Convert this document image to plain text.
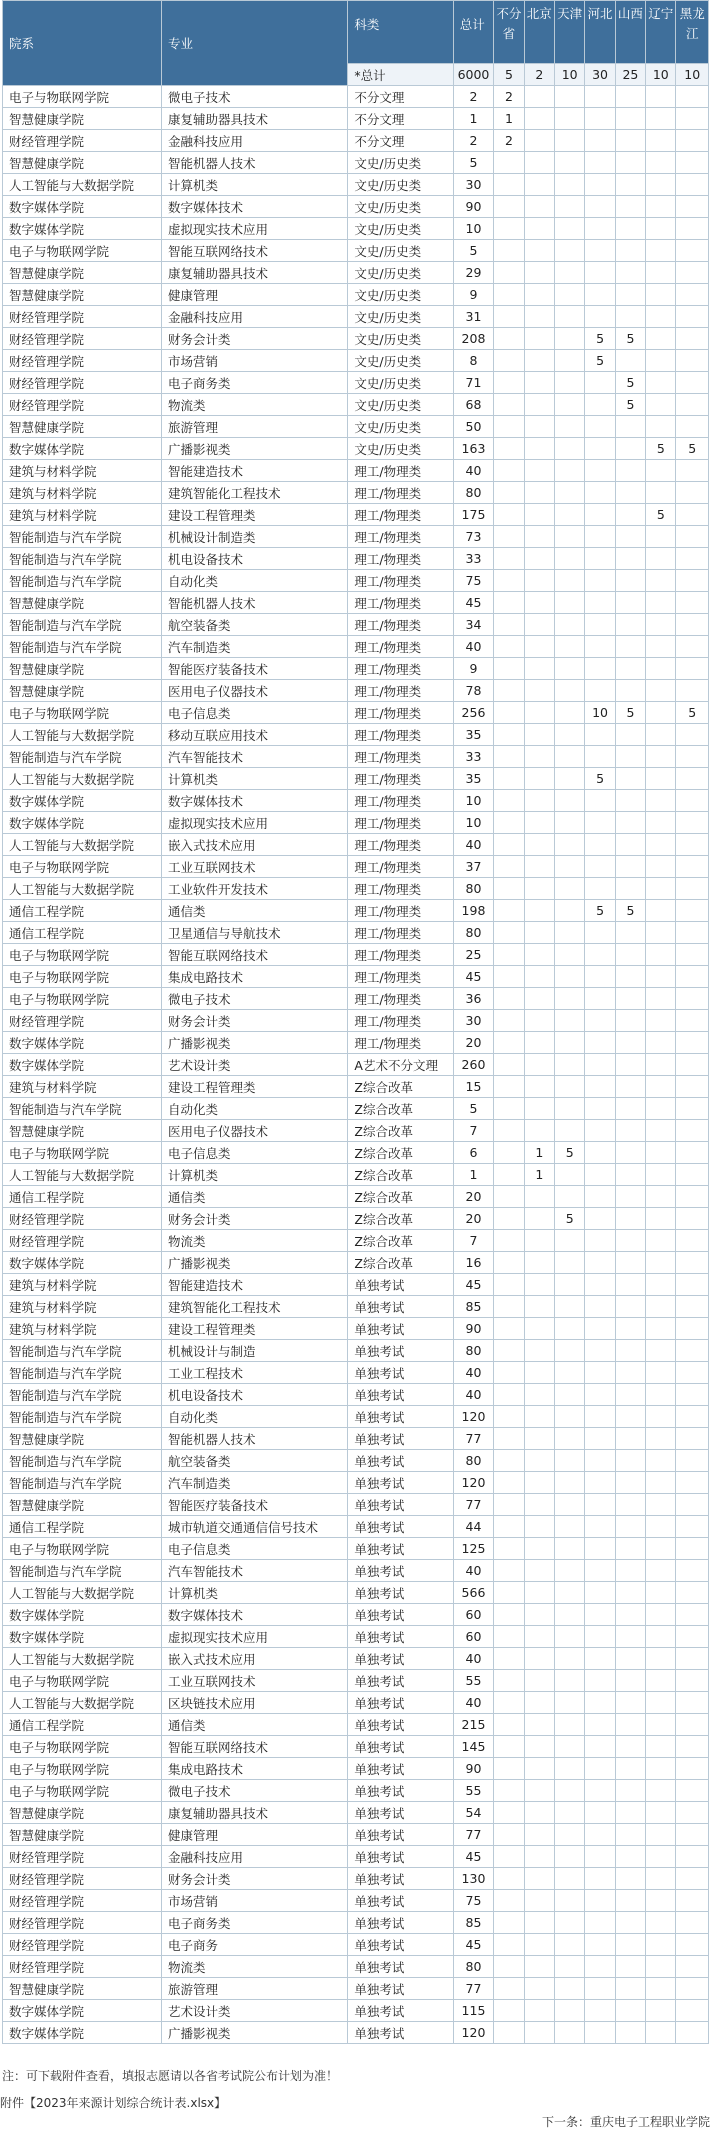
院系	专业	科类	总计	不分省	北京	天津	河北	山西	辽宁	黑龙江
		*总计	6000	5	2	10	30	25	10	10
电子与物联网学院	微电子技术	不分文理	2	2						
智慧健康学院	康复辅助器具技术	不分文理	1	1						
财经管理学院	金融科技应用	不分文理	2	2						
智慧健康学院	智能机器人技术	文史/历史类	5							
人工智能与大数据学院	计算机类	文史/历史类	30							
数字媒体学院	数字媒体技术	文史/历史类	90							
数字媒体学院	虚拟现实技术应用	文史/历史类	10							
电子与物联网学院	智能互联网络技术	文史/历史类	5							
智慧健康学院	康复辅助器具技术	文史/历史类	29							
智慧健康学院	健康管理	文史/历史类	9							
财经管理学院	金融科技应用	文史/历史类	31							
财经管理学院	财务会计类	文史/历史类	208				5	5		
财经管理学院	市场营销	文史/历史类	8				5			
财经管理学院	电子商务类	文史/历史类	71					5		
财经管理学院	物流类	文史/历史类	68					5		
智慧健康学院	旅游管理	文史/历史类	50							
数字媒体学院	广播影视类	文史/历史类	163						5	5
建筑与材料学院	智能建造技术	理工/物理类	40							
建筑与材料学院	建筑智能化工程技术	理工/物理类	80							
建筑与材料学院	建设工程管理类	理工/物理类	175						5	
智能制造与汽车学院	机械设计制造类	理工/物理类	73							
智能制造与汽车学院	机电设备技术	理工/物理类	33							
智能制造与汽车学院	自动化类	理工/物理类	75							
智慧健康学院	智能机器人技术	理工/物理类	45							
智能制造与汽车学院	航空装备类	理工/物理类	34							
智能制造与汽车学院	汽车制造类	理工/物理类	40							
智慧健康学院	智能医疗装备技术	理工/物理类	9							
智慧健康学院	医用电子仪器技术	理工/物理类	78							
电子与物联网学院	电子信息类	理工/物理类	256				10	5		5
人工智能与大数据学院	移动互联应用技术	理工/物理类	35							
智能制造与汽车学院	汽车智能技术	理工/物理类	33							
人工智能与大数据学院	计算机类	理工/物理类	35				5			
数字媒体学院	数字媒体技术	理工/物理类	10							
数字媒体学院	虚拟现实技术应用	理工/物理类	10							
人工智能与大数据学院	嵌入式技术应用	理工/物理类	40							
电子与物联网学院	工业互联网技术	理工/物理类	37							
人工智能与大数据学院	工业软件开发技术	理工/物理类	80							
通信工程学院	通信类	理工/物理类	198				5	5		
通信工程学院	卫星通信与导航技术	理工/物理类	80							
电子与物联网学院	智能互联网络技术	理工/物理类	25							
电子与物联网学院	集成电路技术	理工/物理类	45							
电子与物联网学院	微电子技术	理工/物理类	36							
财经管理学院	财务会计类	理工/物理类	30							
数字媒体学院	广播影视类	理工/物理类	20							
数字媒体学院	艺术设计类	A艺术不分文理	260							
建筑与材料学院	建设工程管理类	Z综合改革	15							
智能制造与汽车学院	自动化类	Z综合改革	5							
智慧健康学院	医用电子仪器技术	Z综合改革	7							
电子与物联网学院	电子信息类	Z综合改革	6		1	5				
人工智能与大数据学院	计算机类	Z综合改革	1		1					
通信工程学院	通信类	Z综合改革	20							
财经管理学院	财务会计类	Z综合改革	20			5				
财经管理学院	物流类	Z综合改革	7							
数字媒体学院	广播影视类	Z综合改革	16							
建筑与材料学院	智能建造技术	单独考试	45							
建筑与材料学院	建筑智能化工程技术	单独考试	85							
建筑与材料学院	建设工程管理类	单独考试	90							
智能制造与汽车学院	机械设计与制造	单独考试	80							
智能制造与汽车学院	工业工程技术	单独考试	40							
智能制造与汽车学院	机电设备技术	单独考试	40							
智能制造与汽车学院	自动化类	单独考试	120							
智慧健康学院	智能机器人技术	单独考试	77							
智能制造与汽车学院	航空装备类	单独考试	80							
智能制造与汽车学院	汽车制造类	单独考试	120							
智慧健康学院	智能医疗装备技术	单独考试	77							
通信工程学院	城市轨道交通通信信号技术	单独考试	44							
电子与物联网学院	电子信息类	单独考试	125							
智能制造与汽车学院	汽车智能技术	单独考试	40							
人工智能与大数据学院	计算机类	单独考试	566							
数字媒体学院	数字媒体技术	单独考试	60							
数字媒体学院	虚拟现实技术应用	单独考试	60							
人工智能与大数据学院	嵌入式技术应用	单独考试	40							
电子与物联网学院	工业互联网技术	单独考试	55							
人工智能与大数据学院	区块链技术应用	单独考试	40							
通信工程学院	通信类	单独考试	215							
电子与物联网学院	智能互联网络技术	单独考试	145							
电子与物联网学院	集成电路技术	单独考试	90							
电子与物联网学院	微电子技术	单独考试	55							
智慧健康学院	康复辅助器具技术	单独考试	54							
智慧健康学院	健康管理	单独考试	77							
财经管理学院	金融科技应用	单独考试	45							
财经管理学院	财务会计类	单独考试	130							
财经管理学院	市场营销	单独考试	75							
财经管理学院	电子商务类	单独考试	85							
财经管理学院	电子商务	单独考试	45							
财经管理学院	物流类	单独考试	80							
智慧健康学院	旅游管理	单独考试	77							
数字媒体学院	艺术设计类	单独考试	115							
数字媒体学院	广播影视类	单独考试	120							
注：可下载附件查看，填报志愿请以各省考试院公布计划为准！
附件【2023年来源计划综合统计表.xlsx】
下一条：重庆电子工程职业学院
